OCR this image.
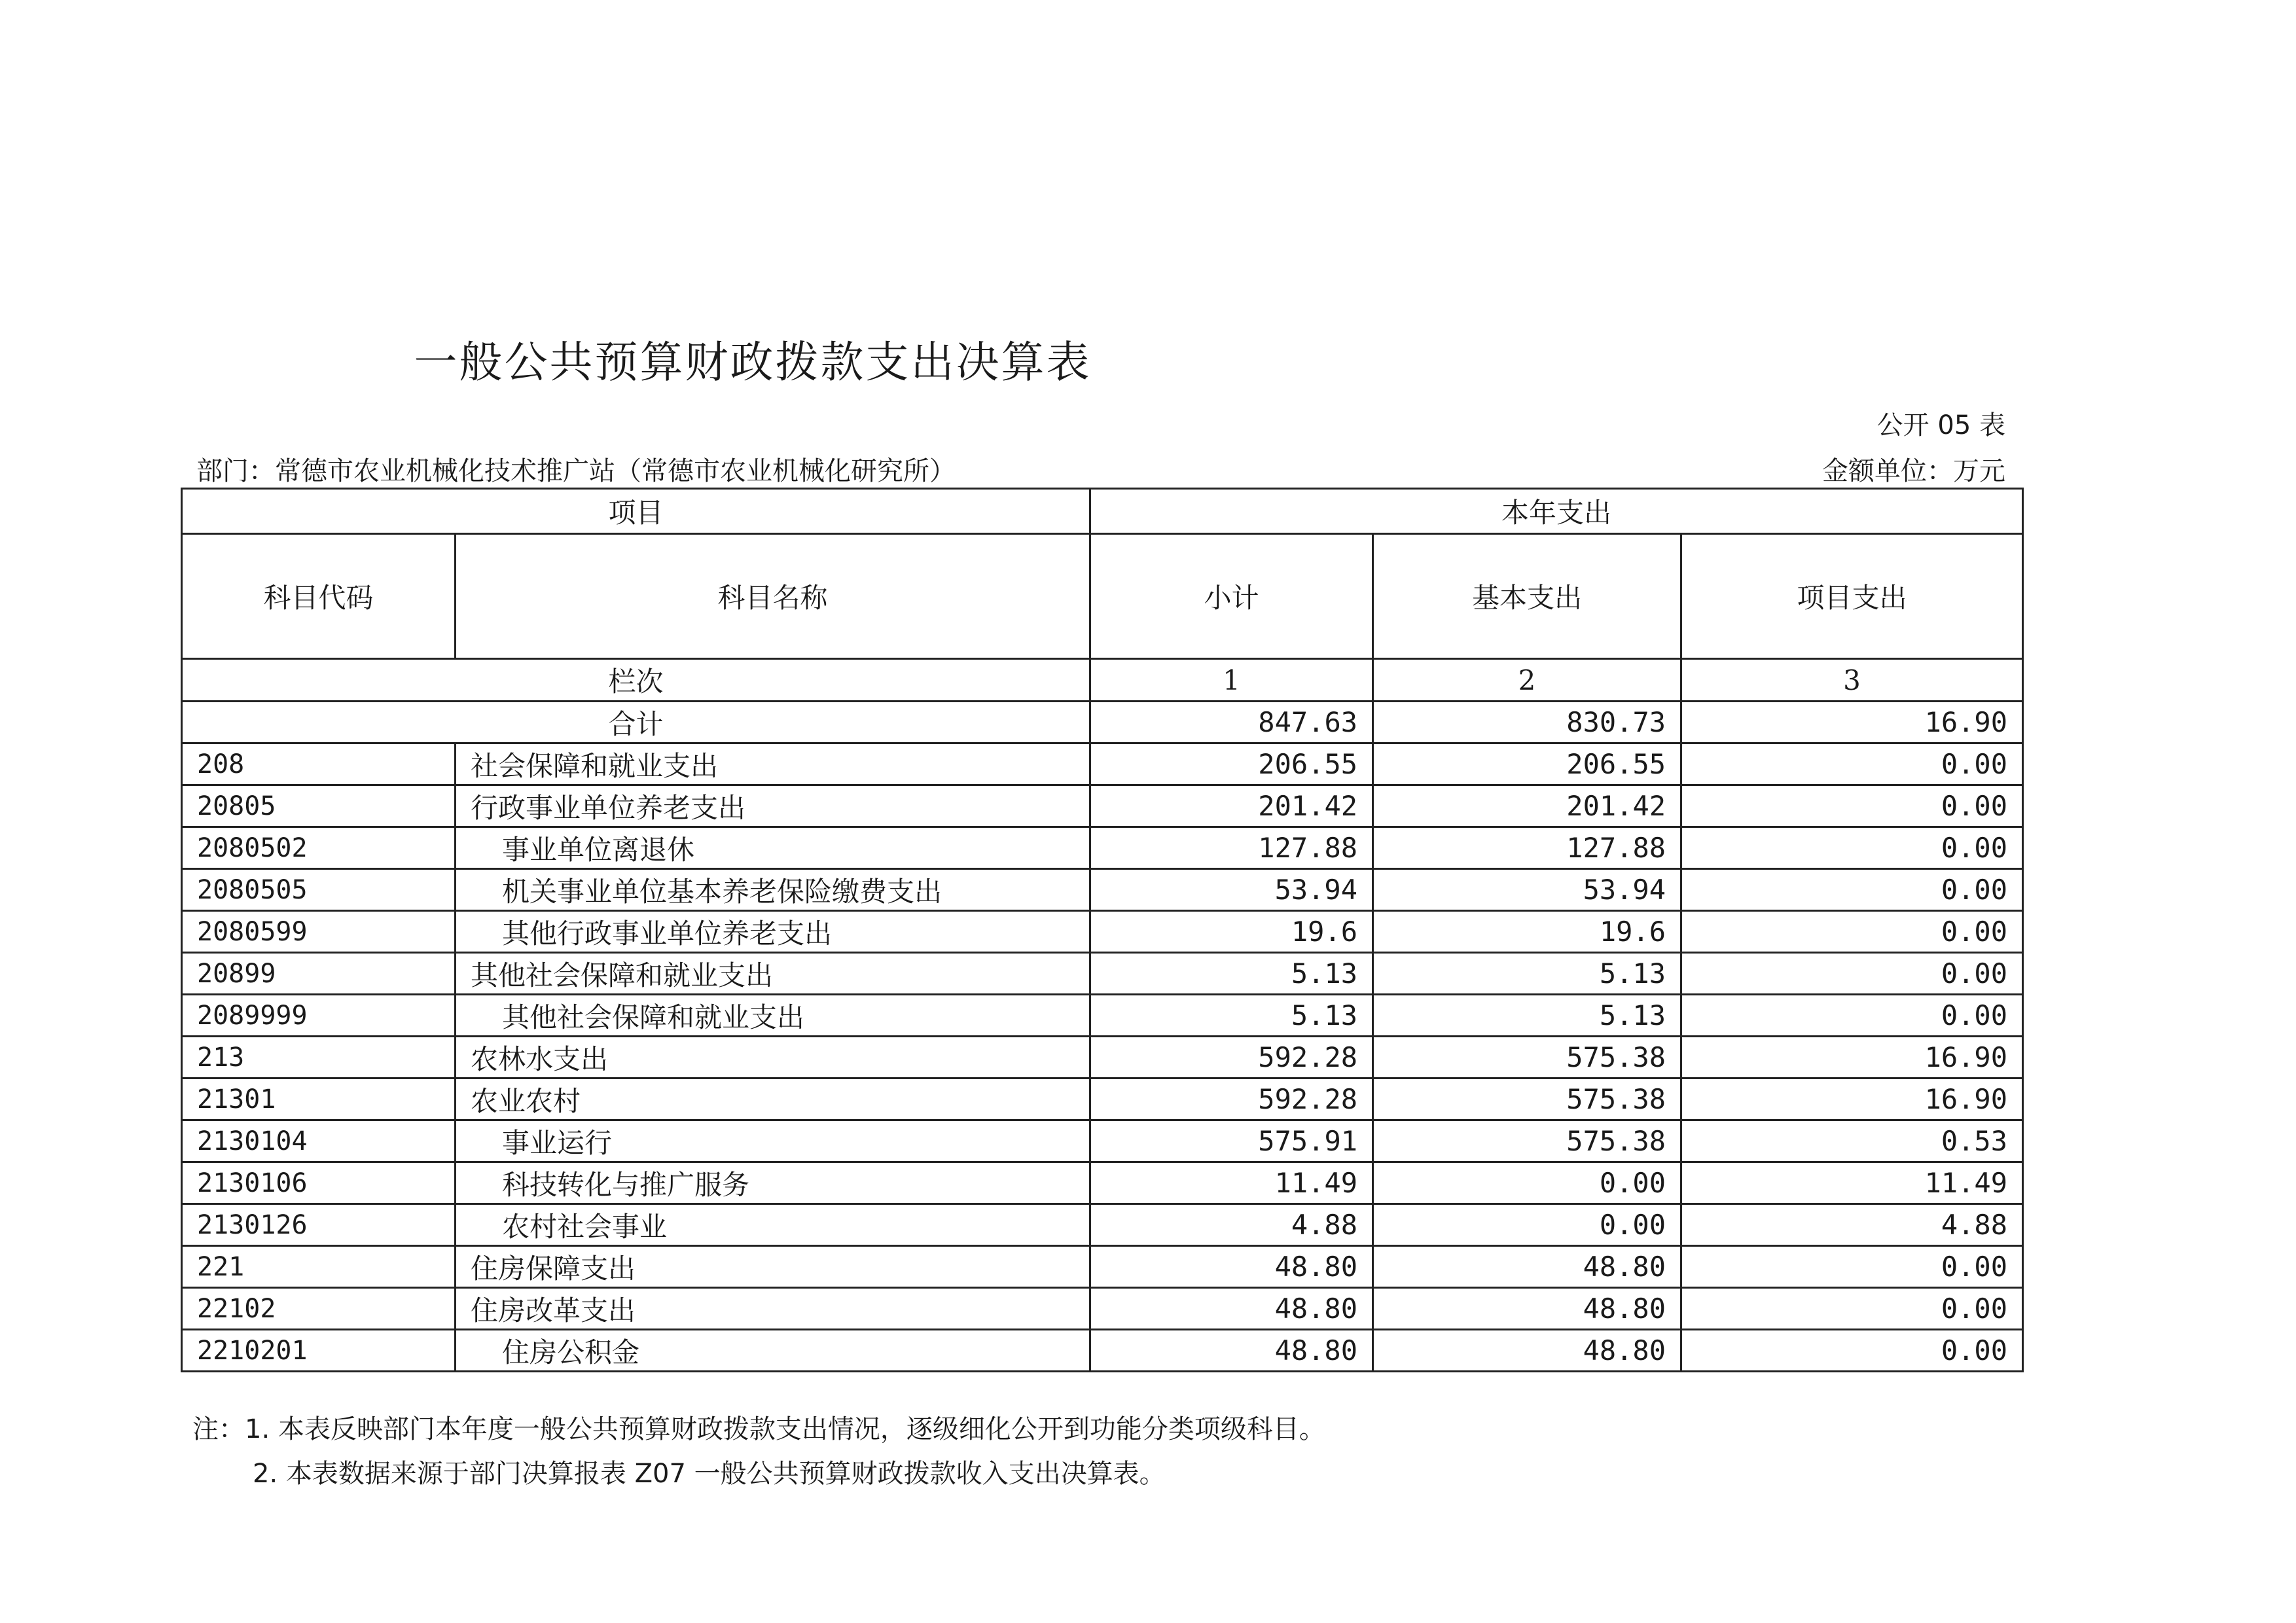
一般公共预算财政拨款支出决算表
公开 05 表
部门：常德市农业机械化技术推广站（常德市农业机械化研究所）	金额单位：万元
项目		本年支出		
科目代码	科目名称	小计	基本支出	项目支出
栏次		1	2	3
合计		847.63	830.73	16.90
208	社会保障和就业支出	206.55	206.55	0.00
20805	行政事业单位养老支出	201.42	201.42	0.00
2080502	事业单位离退休	127.88	127.88	0.00
2080505	机关事业单位基本养老保险缴费支出	53.94	53.94	0.00
2080599	其他行政事业单位养老支出	19.6	19.6	0.00
20899	其他社会保障和就业支出	5.13	5.13	0.00
2089999	其他社会保障和就业支出	5.13	5.13	0.00
213	农林水支出	592.28	575.38	16.90
21301	农业农村	592.28	575.38	16.90
2130104	事业运行	575.91	575.38	0.53
2130106	科技转化与推广服务	11.49	0.00	11.49
2130126	农村社会事业	4.88	0.00	4.88
221	住房保障支出	48.80	48.80	0.00
22102	住房改革支出	48.80	48.80	0.00
2210201	住房公积金	48.80	48.80	0.00
注：1. 本表反映部门本年度一般公共预算财政拨款支出情况，逐级细化公开到功能分类项级科目。
2. 本表数据来源于部门决算报表 Z07 一般公共预算财政拨款收入支出决算表。
